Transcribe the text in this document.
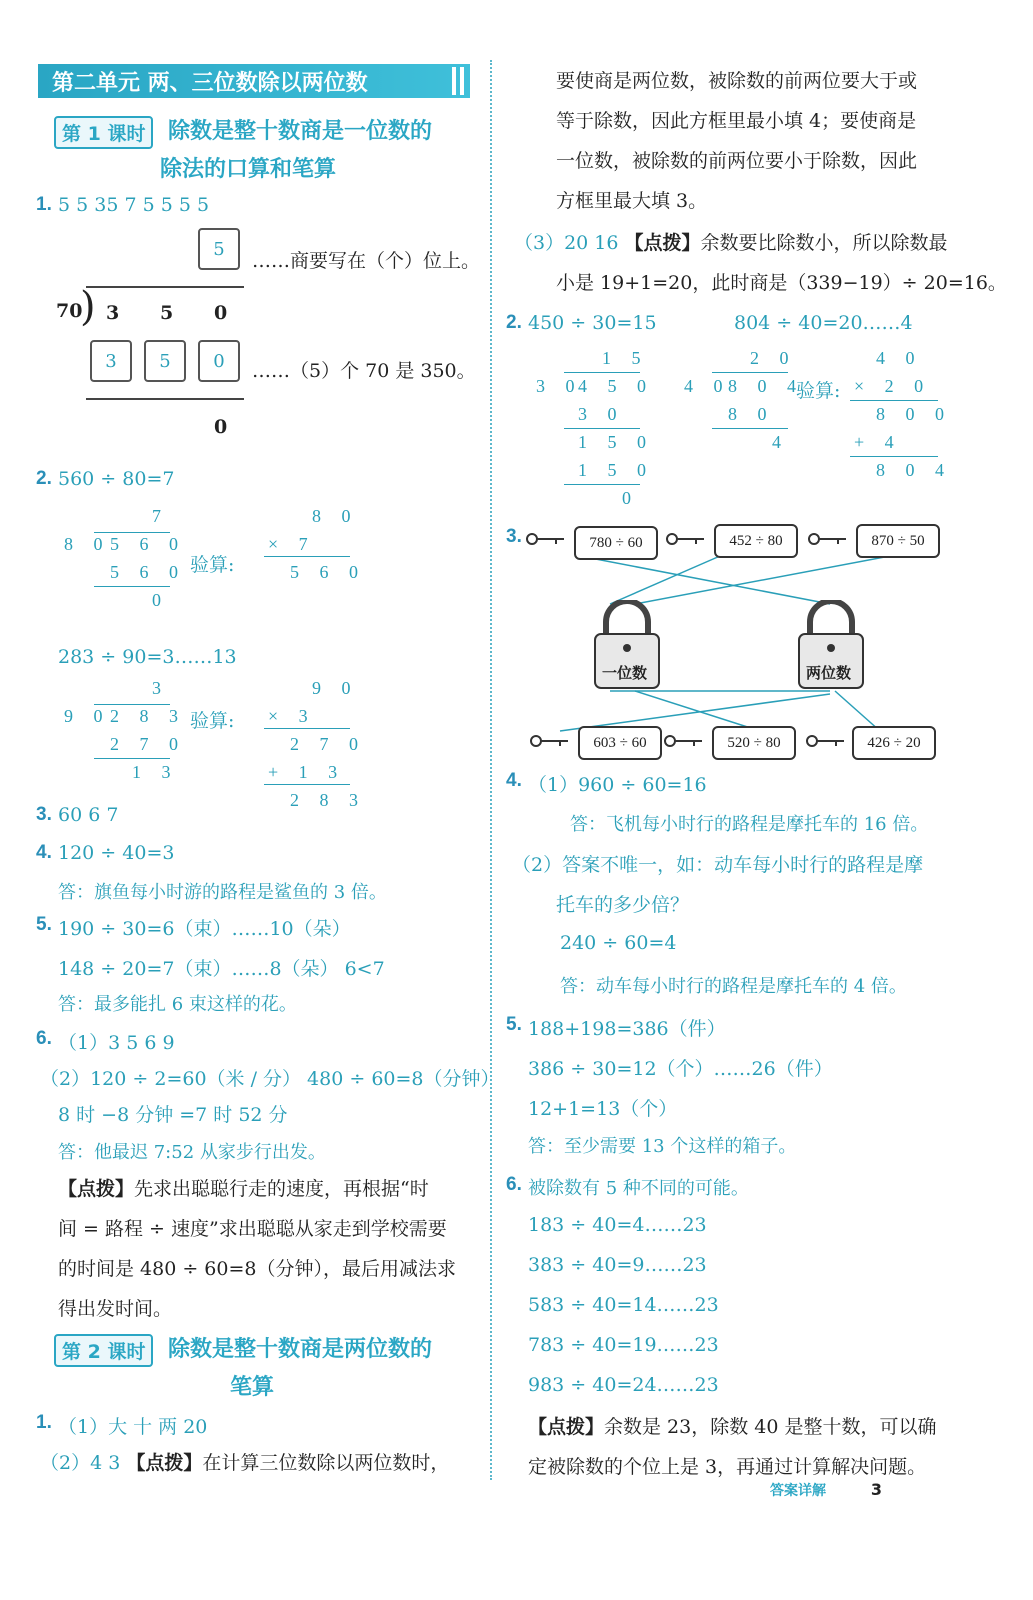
第二单元 两、三位数除以两位数
第 1 课时	除数是整十数商是一位数的
除法的口算和笔算
1. 5 5 35 7 5 5 5 5
5
……商要写在（个）位上。
70
) 3 5 0
3	5	0	……（5）个 70 是 350。
0
2. 560 ÷ 80=7
7
8 0 5 6 0
5 6 0
0
验算:
8 0
× 7
5 6 0
283 ÷ 90=3……13
3
9 0 2 8 3
2 7 0
1 3
验算:
9 0
× 3
2 7 0
+ 1 3
2 8 3
3. 60 6 7
4. 120 ÷ 40=3
答：旗鱼每小时游的路程是鲨鱼的 3 倍。
5. 190 ÷ 30=6（束）……10（朵）
148 ÷ 20=7（束）……8（朵） 6<7
答：最多能扎 6 束这样的花。
6. （1）3 5 6 9
（2）120 ÷ 2=60（米 / 分） 480 ÷ 60=8（分钟）
8 时 −8 分钟 =7 时 52 分
答：他最迟 7:52 从家步行出发。
【点拨】先求出聪聪行走的速度，再根据“时
间 = 路程 ÷ 速度”求出聪聪从家走到学校需要
的时间是 480 ÷ 60=8（分钟），最后用减法求
得出发时间。
第 2 课时	除数是整十数商是两位数的
笔算
1. （1）大 十 两 20
（2）4 3 【点拨】在计算三位数除以两位数时，
要使商是两位数，被除数的前两位要大于或
等于除数，因此方框里最小填 4；要使商是
一位数，被除数的前两位要小于除数，因此
方框里最大填 3。
（3）20 16 【点拨】余数要比除数小，所以除数最
小是 19+1=20，此时商是（339−19）÷ 20=16。
2. 450 ÷ 30=15	804 ÷ 40=20……4
1 5
3 0
4 5 0
3 0
1 5 0
1 5 0
0
2 0
4 0
8 0 4
8 0
4
验算:
4 0
× 2 0
8 0 0
+ 4
8 0 4
3.	780 ÷ 60	452 ÷ 80	870 ÷ 50
一位数	两位数
603 ÷ 60	520 ÷ 80	426 ÷ 20
4. （1）960 ÷ 60=16
答：飞机每小时行的路程是摩托车的 16 倍。
（2）答案不唯一，如：动车每小时行的路程是摩
托车的多少倍？
240 ÷ 60=4
答：动车每小时行的路程是摩托车的 4 倍。
5. 188+198=386（件）
386 ÷ 30=12（个）……26（件）
12+1=13（个）
答：至少需要 13 个这样的箱子。
6. 被除数有 5 种不同的可能。
183 ÷ 40=4……23
383 ÷ 40=9……23
583 ÷ 40=14……23
783 ÷ 40=19……23
983 ÷ 40=24……23
【点拨】余数是 23，除数 40 是整十数，可以确
定被除数的个位上是 3，再通过计算解决问题。
答案详解	3
